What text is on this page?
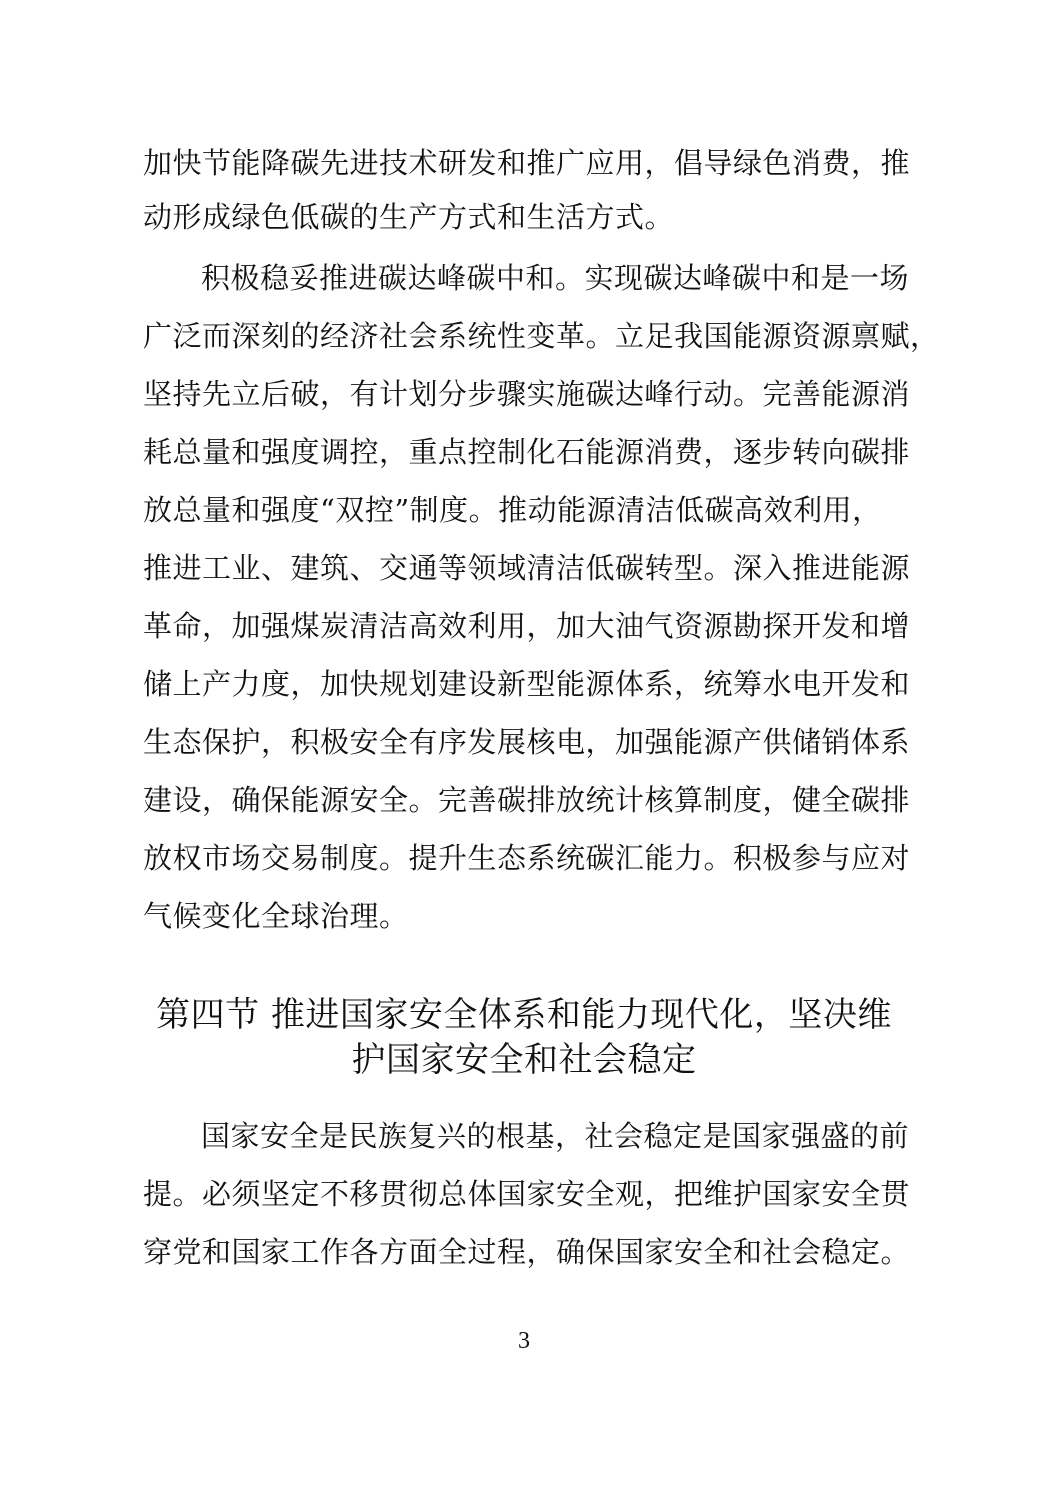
加快节能降碳先进技术研发和推广应用，倡导绿色消费，推
动形成绿色低碳的生产方式和生活方式。
积极稳妥推进碳达峰碳中和。实现碳达峰碳中和是一场
广泛而深刻的经济社会系统性变革。立足我国能源资源禀赋，
坚持先立后破，有计划分步骤实施碳达峰行动。完善能源消
耗总量和强度调控，重点控制化石能源消费，逐步转向碳排
放总量和强度“双控”制度。推动能源清洁低碳高效利用，
推进工业、建筑、交通等领域清洁低碳转型。深入推进能源
革命，加强煤炭清洁高效利用，加大油气资源勘探开发和增
储上产力度，加快规划建设新型能源体系，统筹水电开发和
生态保护，积极安全有序发展核电，加强能源产供储销体系
建设，确保能源安全。完善碳排放统计核算制度，健全碳排
放权市场交易制度。提升生态系统碳汇能力。积极参与应对
气候变化全球治理。
第四节 推进国家安全体系和能力现代化，坚决维
护国家安全和社会稳定
国家安全是民族复兴的根基，社会稳定是国家强盛的前
提。必须坚定不移贯彻总体国家安全观，把维护国家安全贯
穿党和国家工作各方面全过程，确保国家安全和社会稳定。
3
